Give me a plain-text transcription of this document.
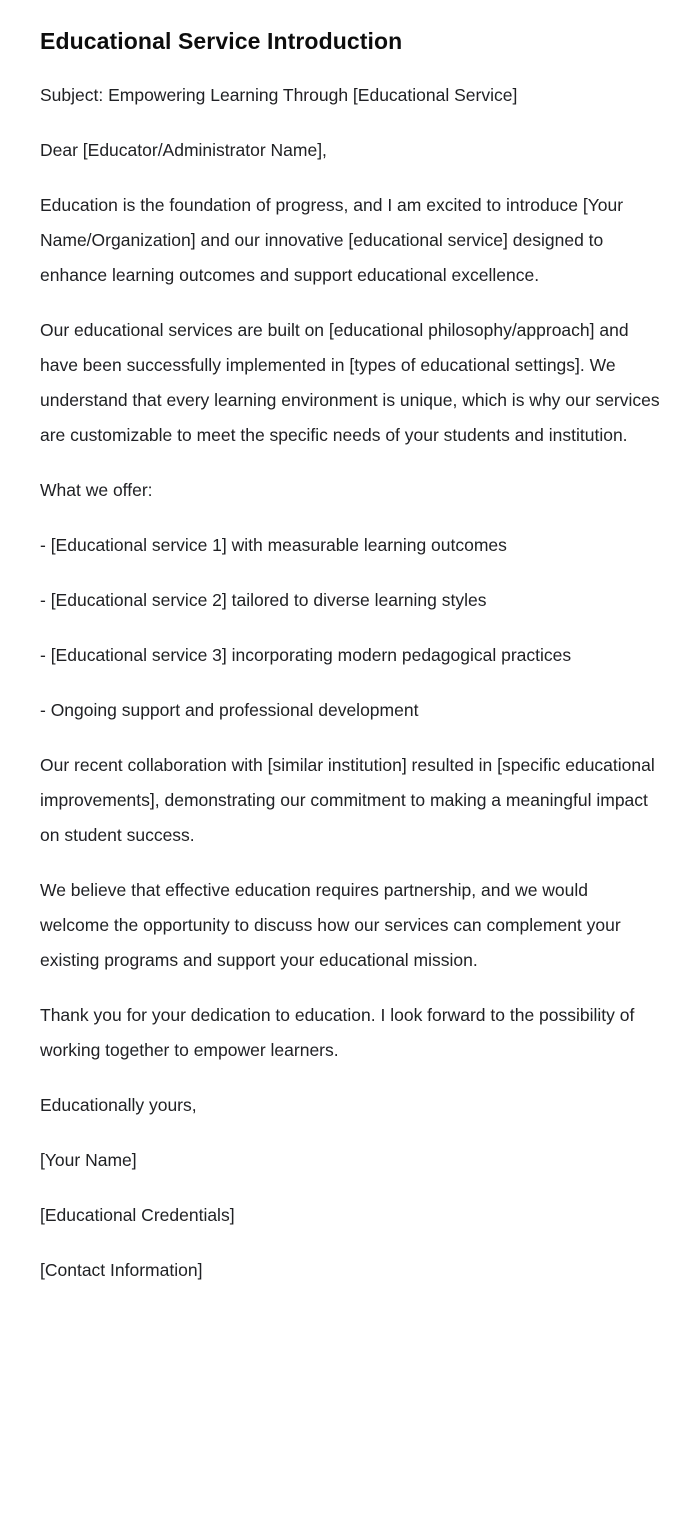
Educational Service Introduction

Subject: Empowering Learning Through [Educational Service]

Dear [Educator/Administrator Name],

Education is the foundation of progress, and I am excited to introduce [Your Name/Organization] and our innovative [educational service] designed to enhance learning outcomes and support educational excellence.

Our educational services are built on [educational philosophy/approach] and have been successfully implemented in [types of educational settings]. We understand that every learning environment is unique, which is why our services are customizable to meet the specific needs of your students and institution.

What we offer:

- [Educational service 1] with measurable learning outcomes

- [Educational service 2] tailored to diverse learning styles

- [Educational service 3] incorporating modern pedagogical practices

- Ongoing support and professional development

Our recent collaboration with [similar institution] resulted in [specific educational improvements], demonstrating our commitment to making a meaningful impact on student success.

We believe that effective education requires partnership, and we would welcome the opportunity to discuss how our services can complement your existing programs and support your educational mission.

Thank you for your dedication to education. I look forward to the possibility of working together to empower learners.

Educationally yours,

[Your Name]

[Educational Credentials]

[Contact Information]
